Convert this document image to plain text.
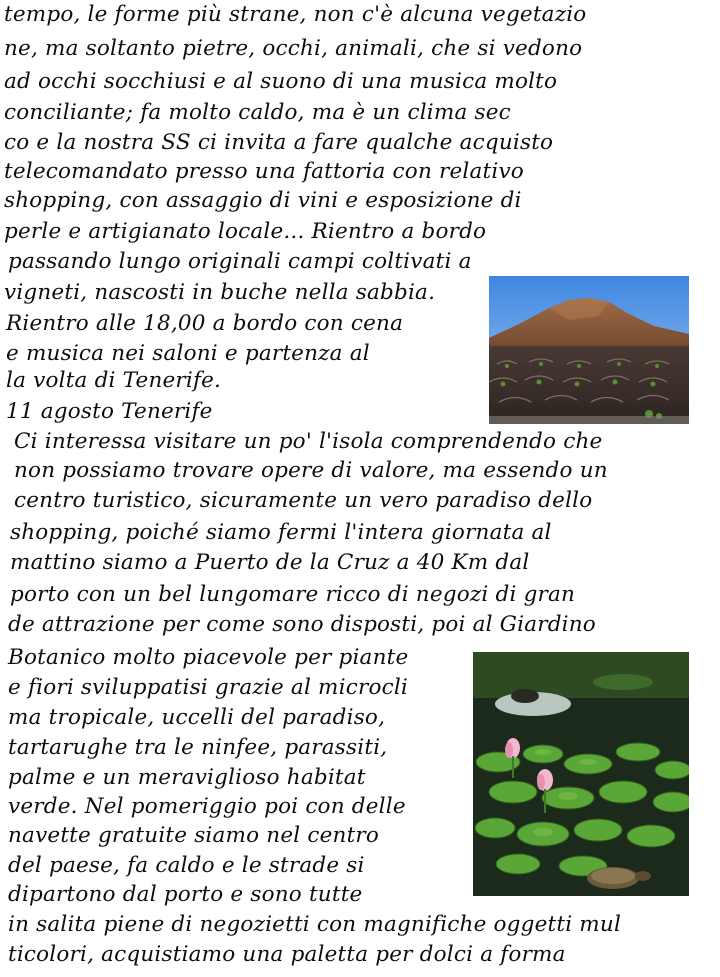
tempo, le forme più strane, non c'è alcuna vegetazio
ne, ma soltanto pietre, occhi, animali, che si vedono
ad occhi socchiusi e al suono di una musica molto
conciliante; fa molto caldo, ma è un clima sec
co e la nostra SS ci invita a fare qualche acquisto
telecomandato presso una fattoria con relativo
shopping, con assaggio di vini e esposizione di
perle e artigianato locale... Rientro a bordo
passando lungo originali campi coltivati a
vigneti, nascosti in buche nella sabbia.
Rientro alle 18,00 a bordo con cena
e musica nei saloni e partenza al
la volta di Tenerife.
11 agosto Tenerife
Ci interessa visitare un po' l'isola comprendendo che
non possiamo trovare opere di valore, ma essendo un
centro turistico, sicuramente un vero paradiso dello
shopping, poiché siamo fermi l'intera giornata al
mattino siamo a Puerto de la Cruz a 40 Km dal
porto con un bel lungomare ricco di negozi di gran
de attrazione per come sono disposti, poi al Giardino
Botanico molto piacevole per piante
e fiori sviluppatisi grazie al microcli
ma tropicale, uccelli del paradiso,
tartarughe tra le ninfee, parassiti,
palme e un meraviglioso habitat
verde. Nel pomeriggio poi con delle
navette gratuite siamo nel centro
del paese, fa caldo e le strade si
dipartono dal porto e sono tutte
in salita piene di negozietti con magnifiche oggetti mul
ticolori, acquistiamo una paletta per dolci a forma
